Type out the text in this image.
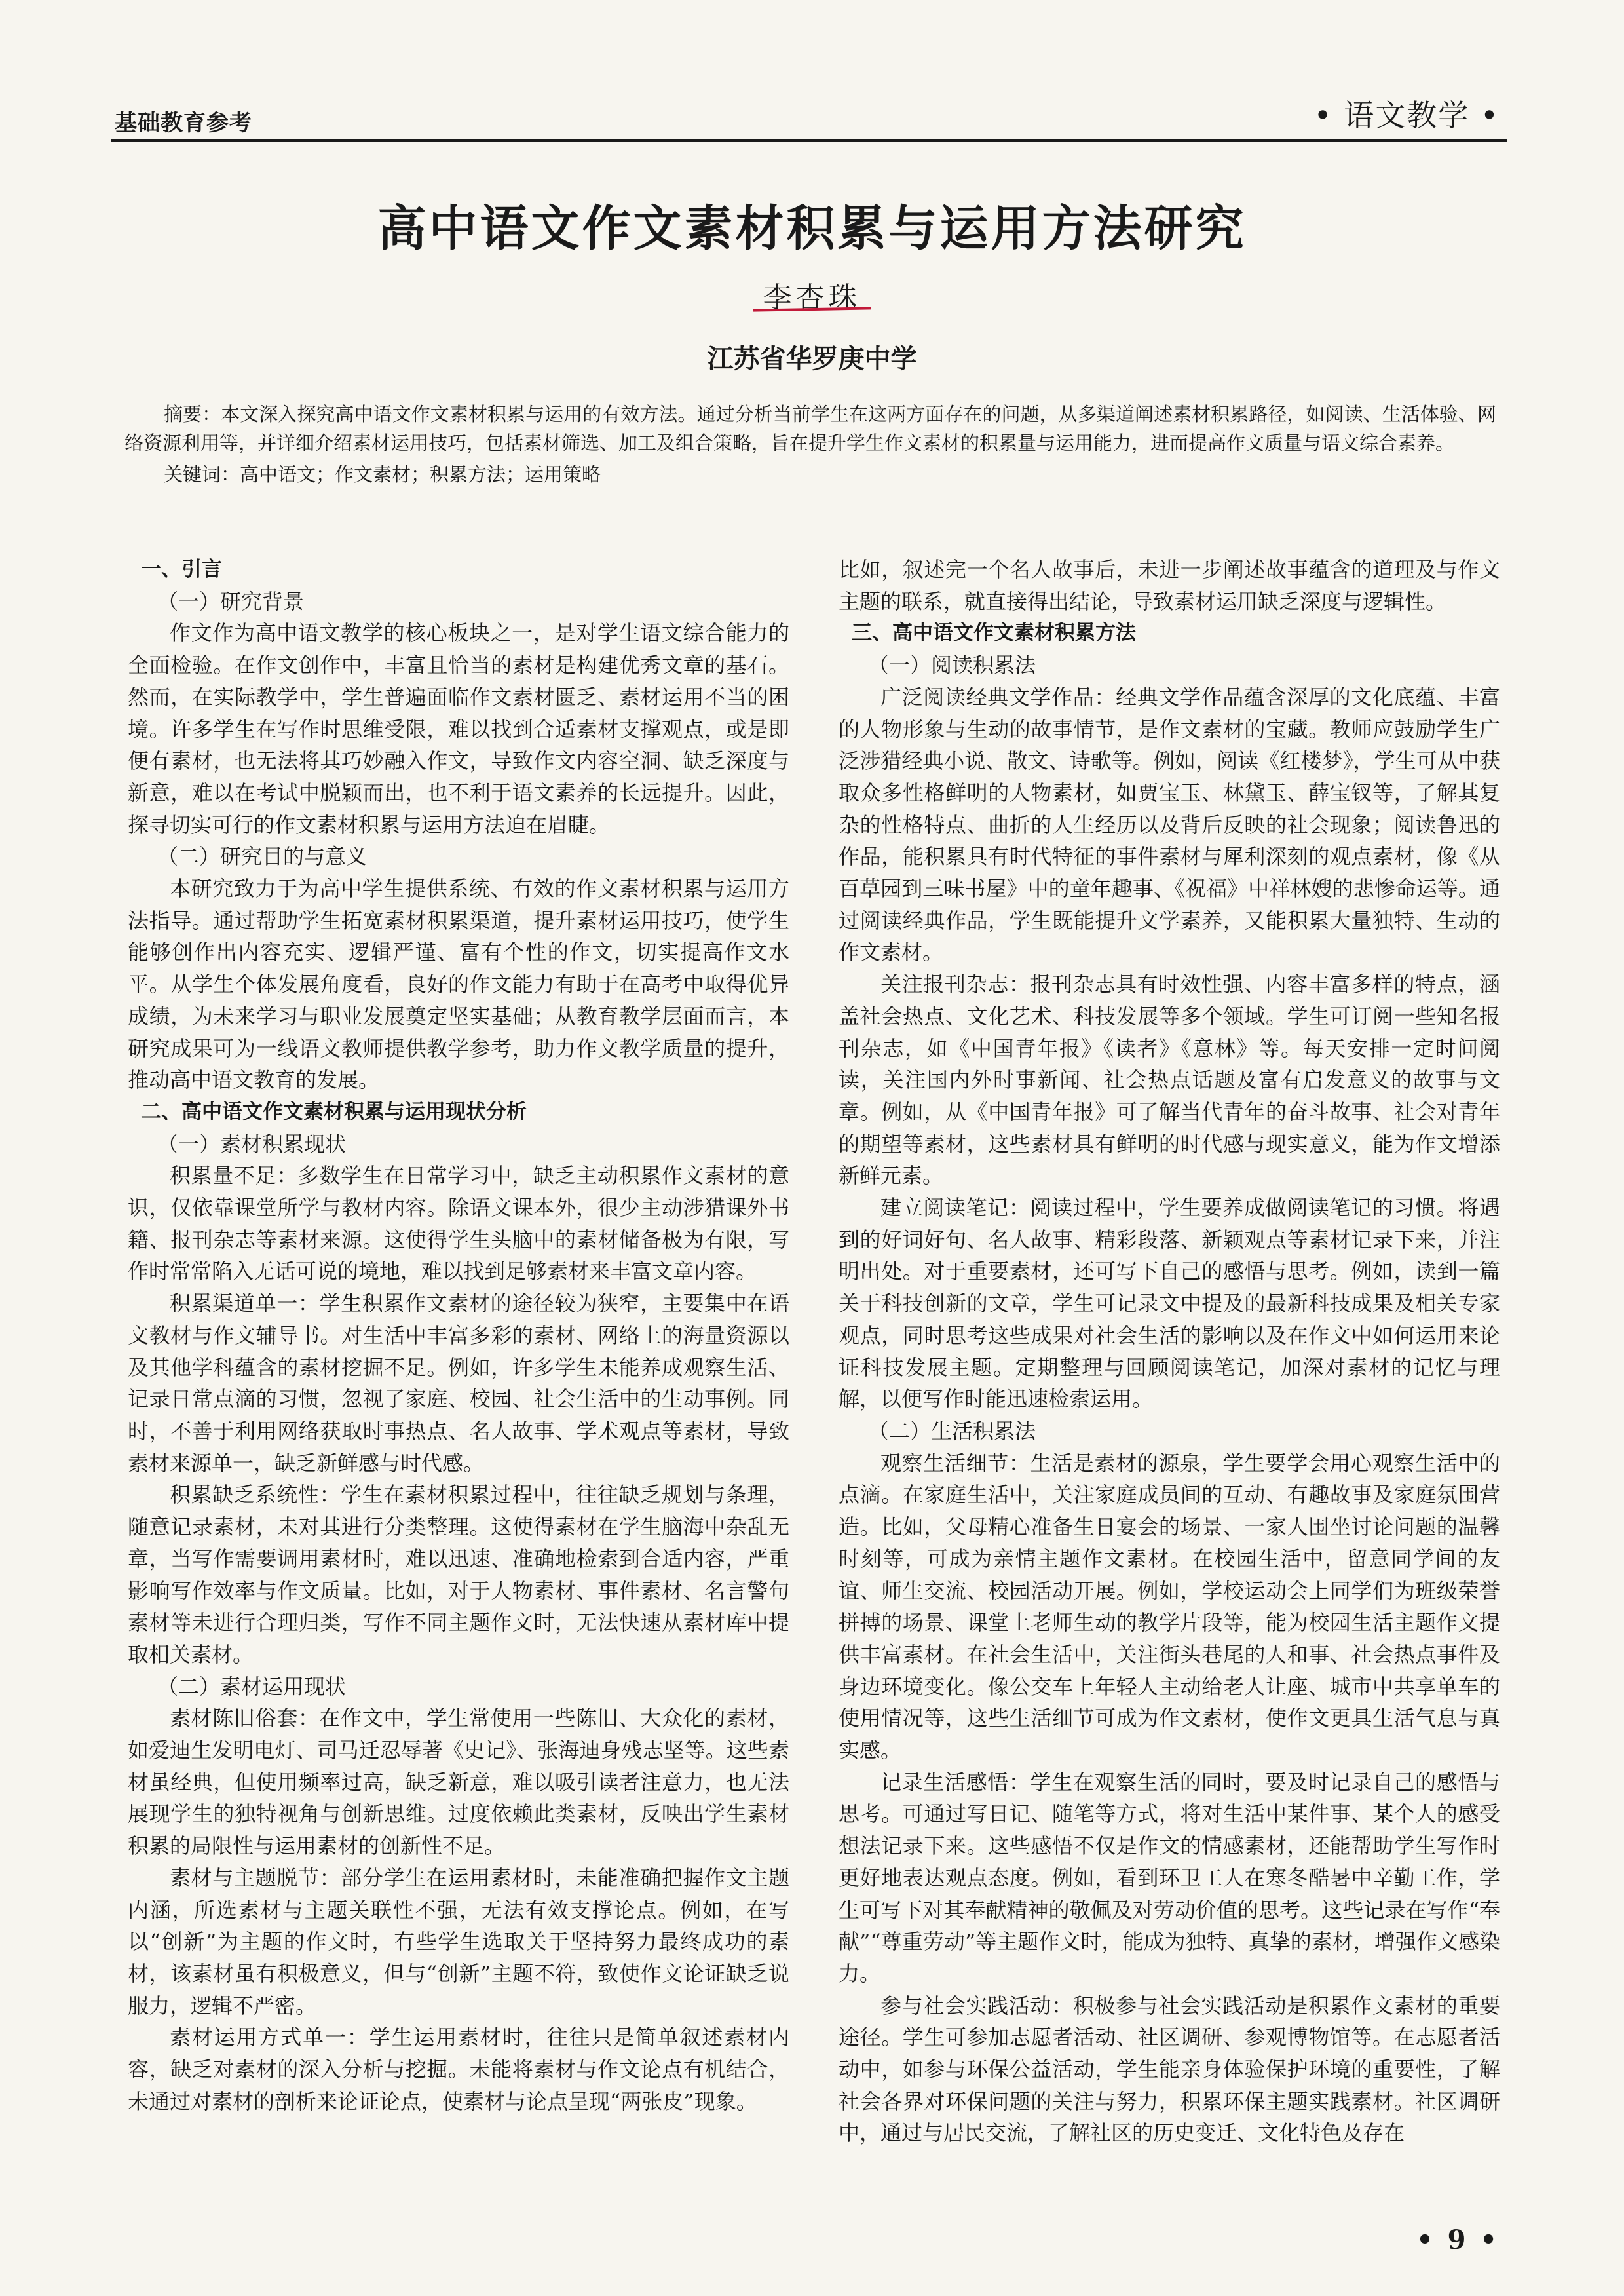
基础教育参考	• 语文教学 •
高中语文作文素材积累与运用方法研究
李杏珠
江苏省华罗庚中学

摘要：本文深入探究高中语文作文素材积累与运用的有效方法。通过分析当前学生在这两方面存在的问题，从多渠道阐述素材积累路径，如阅读、生活体验、网络资源利用等，并详细介绍素材运用技巧，包括素材筛选、加工及组合策略，旨在提升学生作文素材的积累量与运用能力，进而提高作文质量与语文综合素养。

关键词：高中语文；作文素材；积累方法；运用策略

一、引言

（一）研究背景

作文作为高中语文教学的核心板块之一，是对学生语文综合能力的全面检验。在作文创作中，丰富且恰当的素材是构建优秀文章的基石。然而，在实际教学中，学生普遍面临作文素材匮乏、素材运用不当的困境。许多学生在写作时思维受限，难以找到合适素材支撑观点，或是即便有素材，也无法将其巧妙融入作文，导致作文内容空洞、缺乏深度与新意，难以在考试中脱颖而出，也不利于语文素养的长远提升。因此，探寻切实可行的作文素材积累与运用方法迫在眉睫。

（二）研究目的与意义

本研究致力于为高中学生提供系统、有效的作文素材积累与运用方法指导。通过帮助学生拓宽素材积累渠道，提升素材运用技巧，使学生能够创作出内容充实、逻辑严谨、富有个性的作文，切实提高作文水平。从学生个体发展角度看，良好的作文能力有助于在高考中取得优异成绩，为未来学习与职业发展奠定坚实基础；从教育教学层面而言，本研究成果可为一线语文教师提供教学参考，助力作文教学质量的提升，推动高中语文教育的发展。

二、高中语文作文素材积累与运用现状分析

（一）素材积累现状

积累量不足：多数学生在日常学习中，缺乏主动积累作文素材的意识，仅依靠课堂所学与教材内容。除语文课本外，很少主动涉猎课外书籍、报刊杂志等素材来源。这使得学生头脑中的素材储备极为有限，写作时常常陷入无话可说的境地，难以找到足够素材来丰富文章内容。

积累渠道单一：学生积累作文素材的途径较为狭窄，主要集中在语文教材与作文辅导书。对生活中丰富多彩的素材、网络上的海量资源以及其他学科蕴含的素材挖掘不足。例如，许多学生未能养成观察生活、记录日常点滴的习惯，忽视了家庭、校园、社会生活中的生动事例。同时，不善于利用网络获取时事热点、名人故事、学术观点等素材，导致素材来源单一，缺乏新鲜感与时代感。

积累缺乏系统性：学生在素材积累过程中，往往缺乏规划与条理，随意记录素材，未对其进行分类整理。这使得素材在学生脑海中杂乱无章，当写作需要调用素材时，难以迅速、准确地检索到合适内容，严重影响写作效率与作文质量。比如，对于人物素材、事件素材、名言警句素材等未进行合理归类，写作不同主题作文时，无法快速从素材库中提取相关素材。

（二）素材运用现状

素材陈旧俗套：在作文中，学生常使用一些陈旧、大众化的素材，如爱迪生发明电灯、司马迁忍辱著《史记》、张海迪身残志坚等。这些素材虽经典，但使用频率过高，缺乏新意，难以吸引读者注意力，也无法展现学生的独特视角与创新思维。过度依赖此类素材，反映出学生素材积累的局限性与运用素材的创新性不足。

素材与主题脱节：部分学生在运用素材时，未能准确把握作文主题内涵，所选素材与主题关联性不强，无法有效支撑论点。例如，在写以“创新”为主题的作文时，有些学生选取关于坚持努力最终成功的素材，该素材虽有积极意义，但与“创新”主题不符，致使作文论证缺乏说服力，逻辑不严密。

素材运用方式单一：学生运用素材时，往往只是简单叙述素材内容，缺乏对素材的深入分析与挖掘。未能将素材与作文论点有机结合，未通过对素材的剖析来论证论点，使素材与论点呈现“两张皮”现象。

比如，叙述完一个名人故事后，未进一步阐述故事蕴含的道理及与作文主题的联系，就直接得出结论，导致素材运用缺乏深度与逻辑性。

三、高中语文作文素材积累方法

（一）阅读积累法

广泛阅读经典文学作品：经典文学作品蕴含深厚的文化底蕴、丰富的人物形象与生动的故事情节，是作文素材的宝藏。教师应鼓励学生广泛涉猎经典小说、散文、诗歌等。例如，阅读《红楼梦》，学生可从中获取众多性格鲜明的人物素材，如贾宝玉、林黛玉、薛宝钗等，了解其复杂的性格特点、曲折的人生经历以及背后反映的社会现象；阅读鲁迅的作品，能积累具有时代特征的事件素材与犀利深刻的观点素材，像《从百草园到三味书屋》中的童年趣事、《祝福》中祥林嫂的悲惨命运等。通过阅读经典作品，学生既能提升文学素养，又能积累大量独特、生动的作文素材。

关注报刊杂志：报刊杂志具有时效性强、内容丰富多样的特点，涵盖社会热点、文化艺术、科技发展等多个领域。学生可订阅一些知名报刊杂志，如《中国青年报》《读者》《意林》等。每天安排一定时间阅读，关注国内外时事新闻、社会热点话题及富有启发意义的故事与文章。例如，从《中国青年报》可了解当代青年的奋斗故事、社会对青年的期望等素材，这些素材具有鲜明的时代感与现实意义，能为作文增添新鲜元素。

建立阅读笔记：阅读过程中，学生要养成做阅读笔记的习惯。将遇到的好词好句、名人故事、精彩段落、新颖观点等素材记录下来，并注明出处。对于重要素材，还可写下自己的感悟与思考。例如，读到一篇关于科技创新的文章，学生可记录文中提及的最新科技成果及相关专家观点，同时思考这些成果对社会生活的影响以及在作文中如何运用来论证科技发展主题。定期整理与回顾阅读笔记，加深对素材的记忆与理解，以便写作时能迅速检索运用。

（二）生活积累法

观察生活细节：生活是素材的源泉，学生要学会用心观察生活中的点滴。在家庭生活中，关注家庭成员间的互动、有趣故事及家庭氛围营造。比如，父母精心准备生日宴会的场景、一家人围坐讨论问题的温馨时刻等，可成为亲情主题作文素材。在校园生活中，留意同学间的友谊、师生交流、校园活动开展。例如，学校运动会上同学们为班级荣誉拼搏的场景、课堂上老师生动的教学片段等，能为校园生活主题作文提供丰富素材。在社会生活中，关注街头巷尾的人和事、社会热点事件及身边环境变化。像公交车上年轻人主动给老人让座、城市中共享单车的使用情况等，这些生活细节可成为作文素材，使作文更具生活气息与真实感。

记录生活感悟：学生在观察生活的同时，要及时记录自己的感悟与思考。可通过写日记、随笔等方式，将对生活中某件事、某个人的感受想法记录下来。这些感悟不仅是作文的情感素材，还能帮助学生写作时更好地表达观点态度。例如，看到环卫工人在寒冬酷暑中辛勤工作，学生可写下对其奉献精神的敬佩及对劳动价值的思考。这些记录在写作“奉献”“尊重劳动”等主题作文时，能成为独特、真挚的素材，增强作文感染力。

参与社会实践活动：积极参与社会实践活动是积累作文素材的重要途径。学生可参加志愿者活动、社区调研、参观博物馆等。在志愿者活动中，如参与环保公益活动，学生能亲身体验保护环境的重要性，了解社会各界对环保问题的关注与努力，积累环保主题实践素材。社区调研中，通过与居民交流，了解社区的历史变迁、文化特色及存在

• 9 •
